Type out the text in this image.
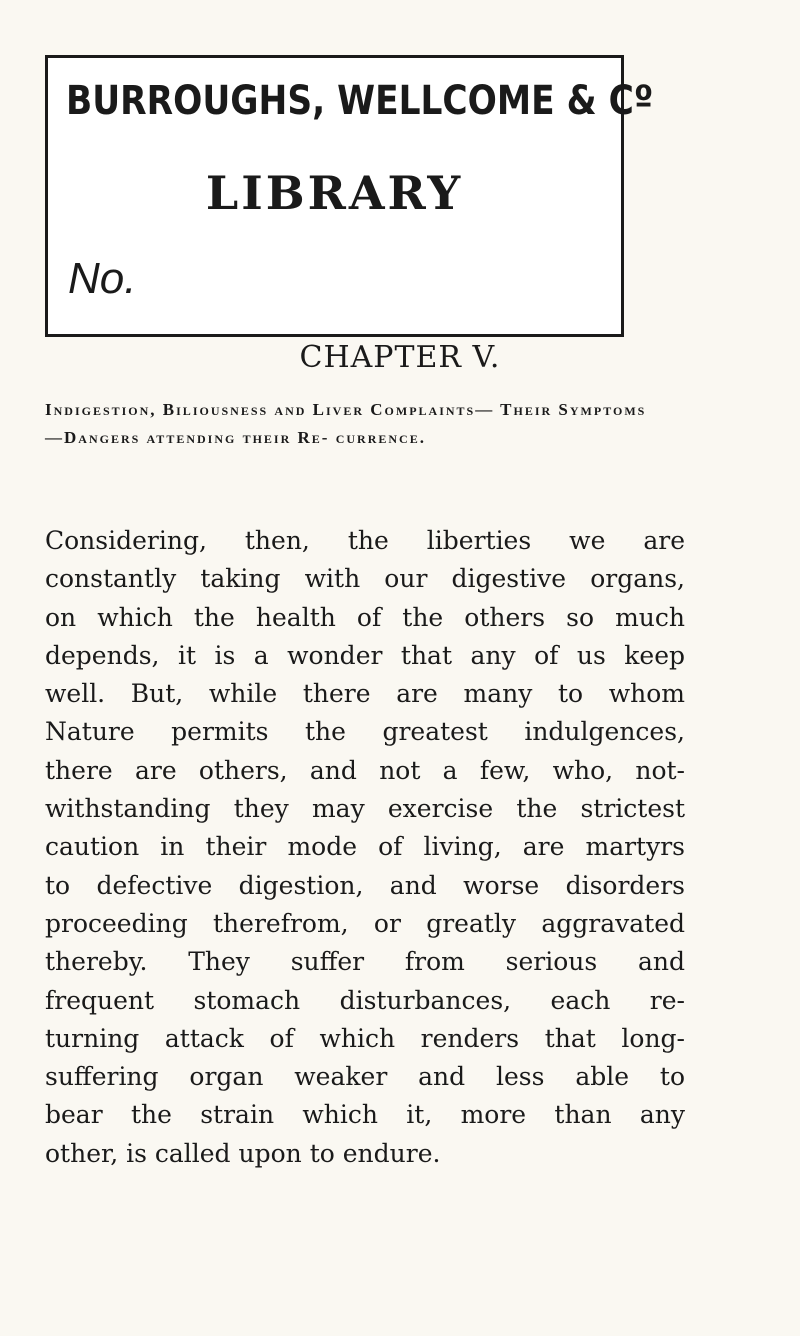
BURROUGHS, WELLCOME & Cº
LIBRARY
No.
CHAPTER V.
Indigestion, Biliousness and Liver Complaints— Their Symptoms—Dangers attending their Re- currence.
Considering, then, the liberties we are
constantly taking with our digestive organs,
on which the health of the others so much
depends, it is a wonder that any of us keep
well. But, while there are many to whom
Nature permits the greatest indulgences,
there are others, and not a few, who, not-
withstanding they may exercise the strictest
caution in their mode of living, are martyrs
to defective digestion, and worse disorders
proceeding therefrom, or greatly aggravated
thereby. They suffer from serious and
frequent stomach disturbances, each re-
turning attack of which renders that long-
suffering organ weaker and less able to
bear the strain which it, more than any
other, is called upon to endure.
